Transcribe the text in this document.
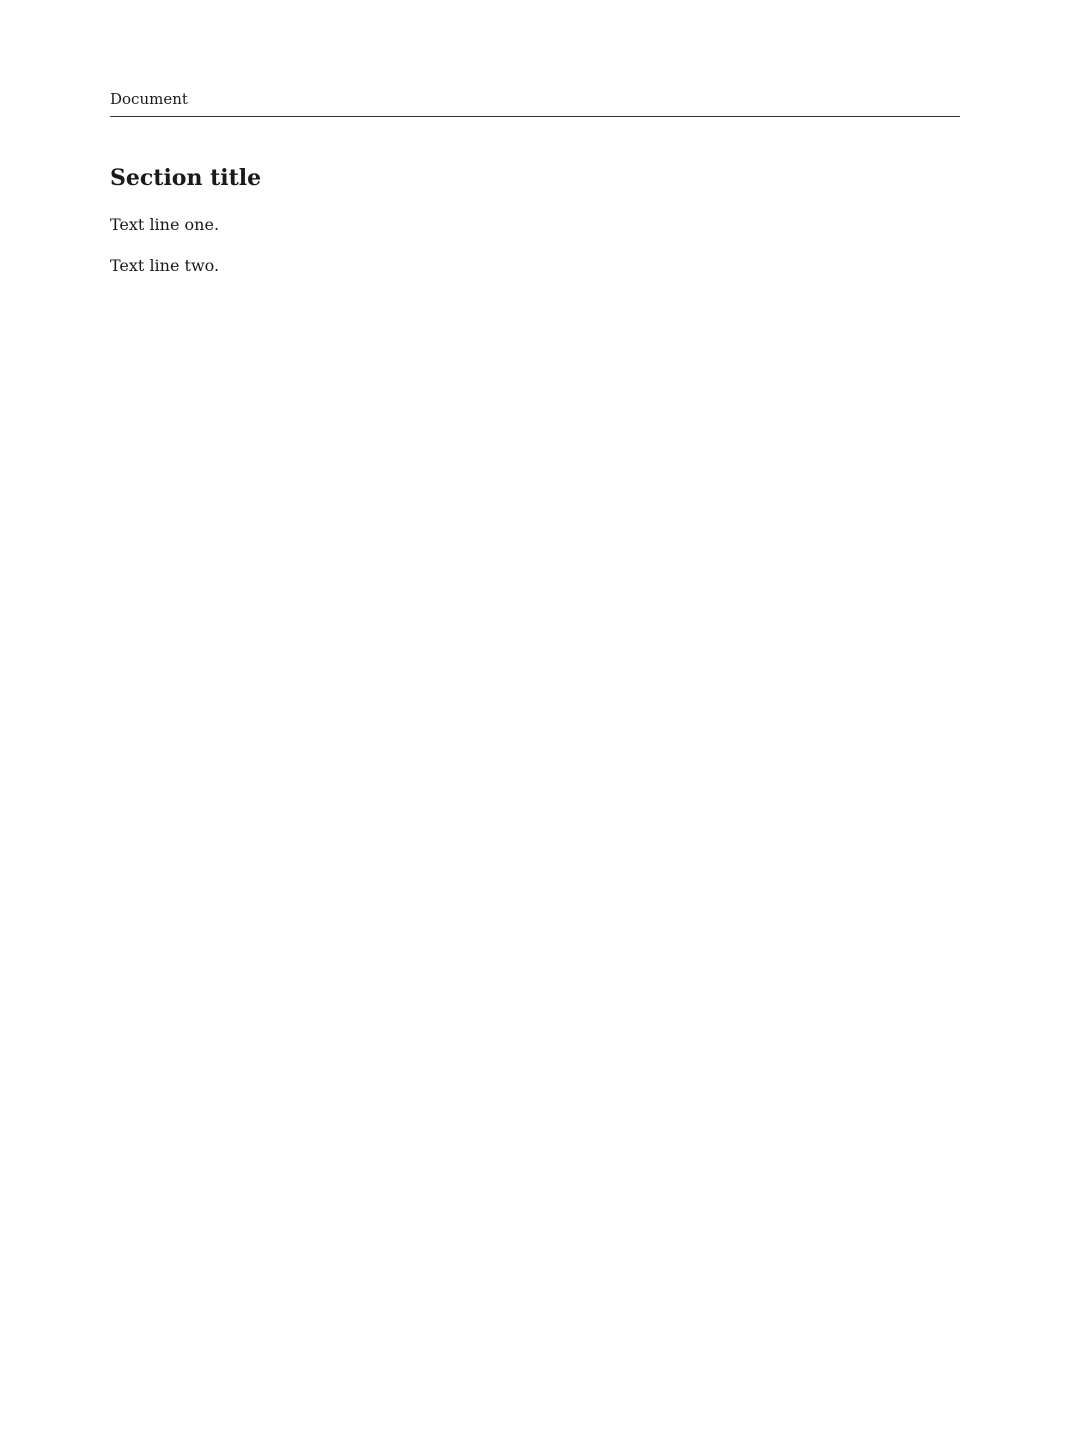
Document
Section title

Text line one.

Text line two.
